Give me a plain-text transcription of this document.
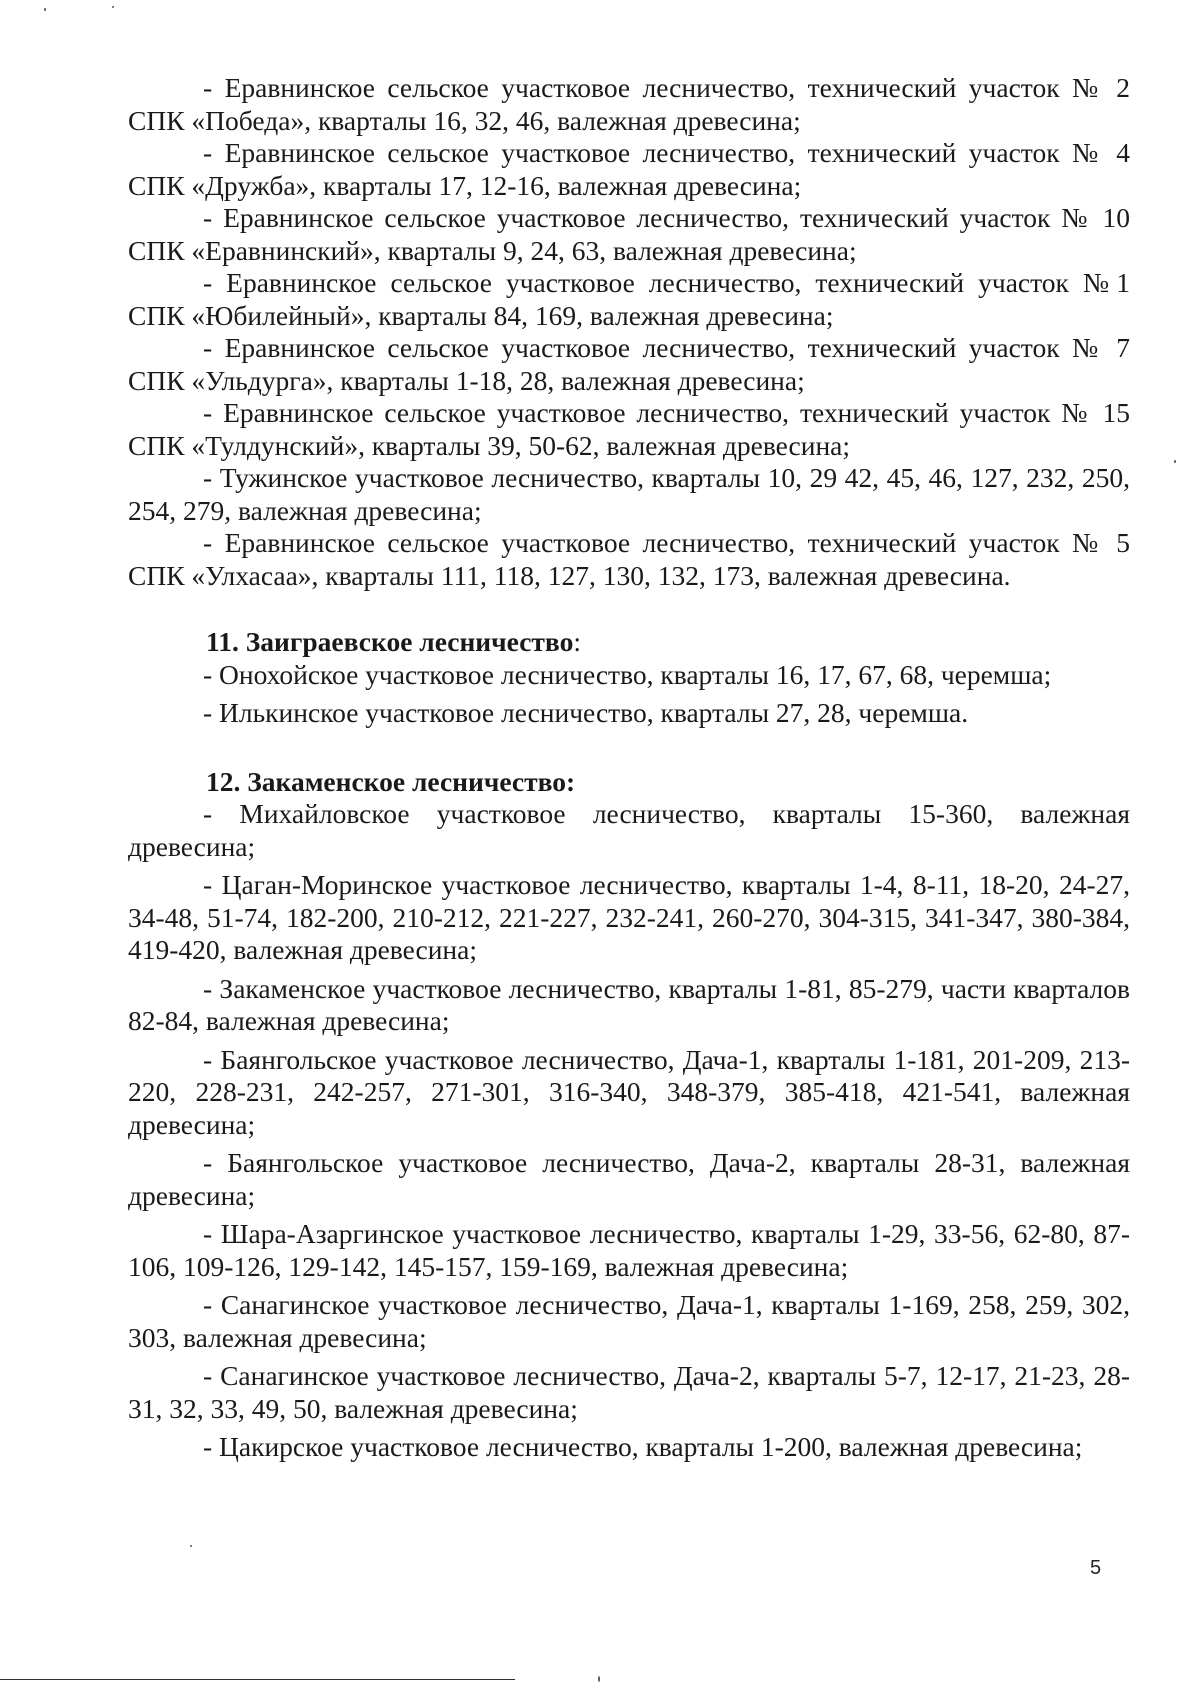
- Еравнинское сельское участковое лесничество, технический участок № 2 СПК «Победа», кварталы 16, 32, 46, валежная древесина;

- Еравнинское сельское участковое лесничество, технический участок № 4 СПК «Дружба», кварталы 17, 12-16, валежная древесина;

- Еравнинское сельское участковое лесничество, технический участок № 10 СПК «Еравнинский», кварталы 9, 24, 63, валежная древесина;

- Еравнинское сельское участковое лесничество, технический участок №1 СПК «Юбилейный», кварталы 84, 169, валежная древесина;

- Еравнинское сельское участковое лесничество, технический участок № 7 СПК «Ульдурга», кварталы 1-18, 28, валежная древесина;

- Еравнинское сельское участковое лесничество, технический участок № 15 СПК «Тулдунский», кварталы 39, 50-62, валежная древесина;

- Тужинское участковое лесничество, кварталы 10, 29 42, 45, 46, 127, 232, 250, 254, 279, валежная древесина;

- Еравнинское сельское участковое лесничество, технический участок № 5 СПК «Улхасаа», кварталы 111, 118, 127, 130, 132, 173, валежная древесина.

11. Заиграевское лесничество:

- Онохойское участковое лесничество, кварталы 16, 17, 67, 68, черемша;

- Илькинское участковое лесничество, кварталы 27, 28, черемша.

12. Закаменское лесничество:

- Михайловское участковое лесничество, кварталы 15-360, валежная древесина;

- Цаган-Моринское участковое лесничество, кварталы 1-4, 8-11, 18-20, 24-27, 34-48, 51-74, 182-200, 210-212, 221-227, 232-241, 260-270, 304-315, 341-347, 380-384, 419-420, валежная древесина;

- Закаменское участковое лесничество, кварталы 1-81, 85-279, части кварталов 82-84, валежная древесина;

- Баянгольское участковое лесничество, Дача-1, кварталы 1-181, 201-209, 213-220, 228-231, 242-257, 271-301, 316-340, 348-379, 385-418, 421-541, валежная древесина;

- Баянгольское участковое лесничество, Дача-2, кварталы 28-31, валежная древесина;

- Шара-Азаргинское участковое лесничество, кварталы 1-29, 33-56, 62-80, 87-106, 109-126, 129-142, 145-157, 159-169, валежная древесина;

- Санагинское участковое лесничество, Дача-1, кварталы 1-169, 258, 259, 302, 303, валежная древесина;

- Санагинское участковое лесничество, Дача-2, кварталы 5-7, 12-17, 21-23, 28-31, 32, 33, 49, 50, валежная древесина;

- Цакирское участковое лесничество, кварталы 1-200, валежная древесина;

5
